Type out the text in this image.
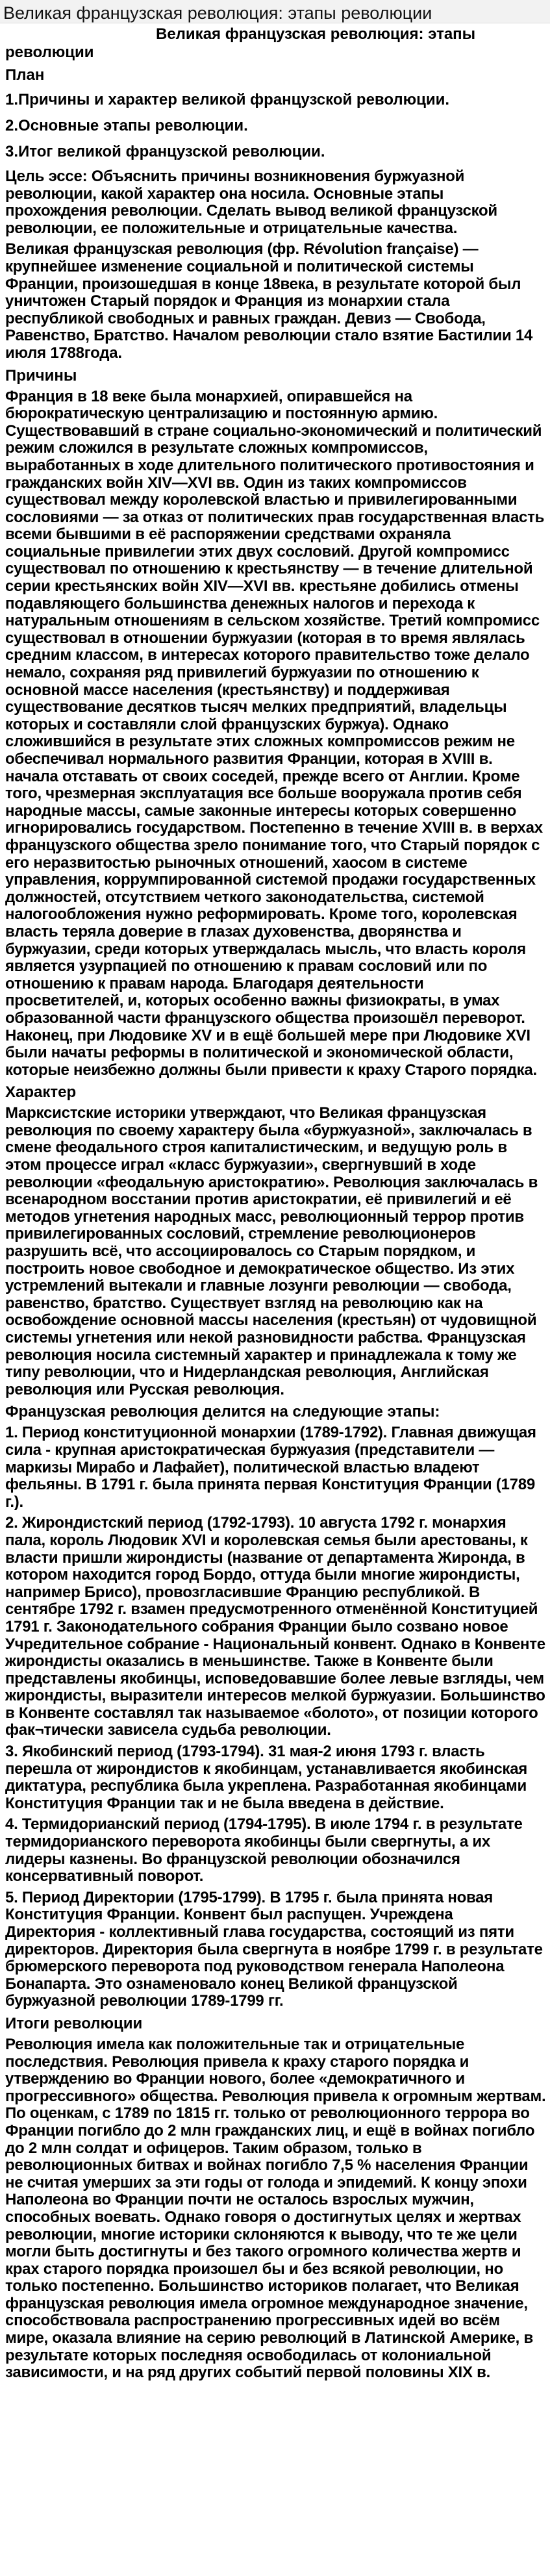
Великая французская революция: этапы революции
Великая французская революция: этапы революции
План
1.Причины и характер великой французской революции.
2.Основные этапы революции.
3.Итог великой французской революции.
Цель эссе: Объяснить причины возникновения буржуазной революции, какой характер она носила. Основные этапы прохождения революции. Сделать вывод великой французской революции, ее положительные и отрицательные качества.
Великая французская революция (фр. Révolution française) — крупнейшее изменение социальной и политической системы Франции, произошедшая в конце 18века, в результате которой был уничтожен Старый порядок и Франция из монархии стала республикой свободных и равных граждан. Девиз — Свобода, Равенство, Братство. Началом революции стало взятие Бастилии 14 июля 1788года.
Причины
Франция в 18 веке была монархией, опиравшейся на бюрократическую централизацию и постоянную армию. Существовавший в стране социально-экономический и политический режим сложился в результате сложных компромиссов, выработанных в ходе длительного политического противостояния и гражданских войн XIV—XVI вв. Один из таких компромиссов существовал между королевской властью и привилегированными сословиями — за отказ от политических прав государственная власть всеми бывшими в её распоряжении средствами охраняла социальные привилегии этих двух сословий. Другой компромисс существовал по отношению к крестьянству — в течение длительной серии крестьянских войн XIV—XVI вв. крестьяне добились отмены подавляющего большинства денежных налогов и перехода к натуральным отношениям в сельском хозяйстве. Третий компромисс существовал в отношении буржуазии (которая в то время являлась средним классом, в интересах которого правительство тоже делало немало, сохраняя ряд привилегий буржуазии по отношению к основной массе населения (крестьянству) и поддерживая существование десятков тысяч мелких предприятий, владельцы которых и составляли слой французских буржуа). Однако сложившийся в результате этих сложных компромиссов режим не обеспечивал нормального развития Франции, которая в XVIII в. начала отставать от своих соседей, прежде всего от Англии. Кроме того, чрезмерная эксплуатация все больше вооружала против себя народные массы, самые законные интересы которых совершенно игнорировались государством. Постепенно в течение XVIII в. в верхах французского общества зрело понимание того, что Старый порядок с его неразвитостью рыночных отношений, хаосом в системе управления, коррумпированной системой продажи государственных должностей, отсутствием четкого законодательства, системой налогообложения нужно реформировать. Кроме того, королевская власть теряла доверие в глазах духовенства, дворянства и буржуазии, среди которых утверждалась мысль, что власть короля является узурпацией по отношению к правам сословий или по отношению к правам народа. Благодаря деятельности просветителей, и, которых особенно важны физиократы, в умах образованной части французского общества произошёл переворот. Наконец, при Людовике XV и в ещё большей мере при Людовике XVI были начаты реформы в политической и экономической области, которые неизбежно должны были привести к краху Старого порядка.
Характер
Марксистские историки утверждают, что Великая французская революция по своему характеру была «буржуазной», заключалась в смене феодального строя капиталистическим, и ведущую роль в этом процессе играл «класс буржуазии», свергнувший в ходе революции «феодальную аристократию». Революция заключалась в всенародном восстании против аристократии, её привилегий и её методов угнетения народных масс, революционный террор против привилегированных сословий, стремление революционеров разрушить всё, что ассоциировалось со Старым порядком, и построить новое свободное и демократическое общество. Из этих устремлений вытекали и главные лозунги революции — свобода, равенство, братство. Существует взгляд на революцию как на освобождение основной массы населения (крестьян) от чудовищной системы угнетения или некой разновидности рабства. Французская революция носила системный характер и принадлежала к тому же типу революции, что и Нидерландская революция, Английская революция или Русская революция.
Французская революция делится на следующие этапы:
1. Период конституционной монархии (1789-1792). Главная движущая сила - крупная аристократическая буржуазия (представители — маркизы Мирабо и Лафайет), политической властью владеют фельяны. В 1791 г. была принята первая Конституция Франции (1789 г.).
2. Жирондистский период (1792-1793). 10 августа 1792 г. монархия пала, король Людовик XVI и королевская семья были арестованы, к власти пришли жирондисты (название от департамента Жиронда, в котором находится город Бордо, оттуда были многие жирондисты, например Брисо), провозгласившие Францию республикой. В сентябре 1792 г. взамен предусмотренного отменённой Конституцией 1791 г. Законодательного собрания Франции было созвано новое Учредительное собрание - Национальный конвент. Однако в Конвенте жирондисты оказались в меньшинстве. Также в Конвенте были представлены якобинцы, исповедовавшие более левые взгляды, чем жирондисты, выразители интересов мелкой буржуазии. Большинство в Конвенте составлял так называемое «болото», от позиции которого фак¬тически зависела судьба революции.
3. Якобинский период (1793-1794). 31 мая-2 июня 1793 г. власть перешла от жирондистов к якобинцам, устанавливается якобинская диктатура, республика была укреплена. Разработанная якобинцами Конституция Франции так и не была введена в действие.
4. Термидорианский период (1794-1795). В июле 1794 г. в результате термидорианского переворота якобинцы были свергнуты, а их лидеры казнены. Во французской революции обозначился консервативный поворот.
5. Период Директории (1795-1799). В 1795 г. была принята новая Конституция Франции. Конвент был распущен. Учреждена Директория - коллективный глава государства, состоящий из пяти директоров. Директория была свергнута в ноябре 1799 г. в результате брюмерского переворота под руководством генерала Наполеона Бонапарта. Это ознаменовало конец Великой французской буржуазной революции 1789-1799 гг.
Итоги революции
Революция имела как положительные так и отрицательные последствия. Революция привела к краху старого порядка и утверждению во Франции нового, более «демократичного и прогрессивного» общества. Революция привела к огромным жертвам. По оценкам, с 1789 по 1815 гг. только от революционного террора во Франции погибло до 2 млн гражданских лиц, и ещё в войнах погибло до 2 млн солдат и офицеров. Таким образом, только в революционных битвах и войнах погибло 7,5 % населения Франции не считая умерших за эти годы от голода и эпидемий. К концу эпохи Наполеона во Франции почти не осталось взрослых мужчин, способных воевать. Однако говоря о достигнутых целях и жертвах революции, многие историки склоняются к выводу, что те же цели могли быть достигнуты и без такого огромного количества жертв и крах старого порядка произошел бы и без всякой революции, но только постепенно. Большинство историков полагает, что Великая французская революция имела огромное международное значение, способствовала распространению прогрессивных идей во всём мире, оказала влияние на серию революций в Латинской Америке, в результате которых последняя освободилась от колониальной зависимости, и на ряд других событий первой половины XIX в.
